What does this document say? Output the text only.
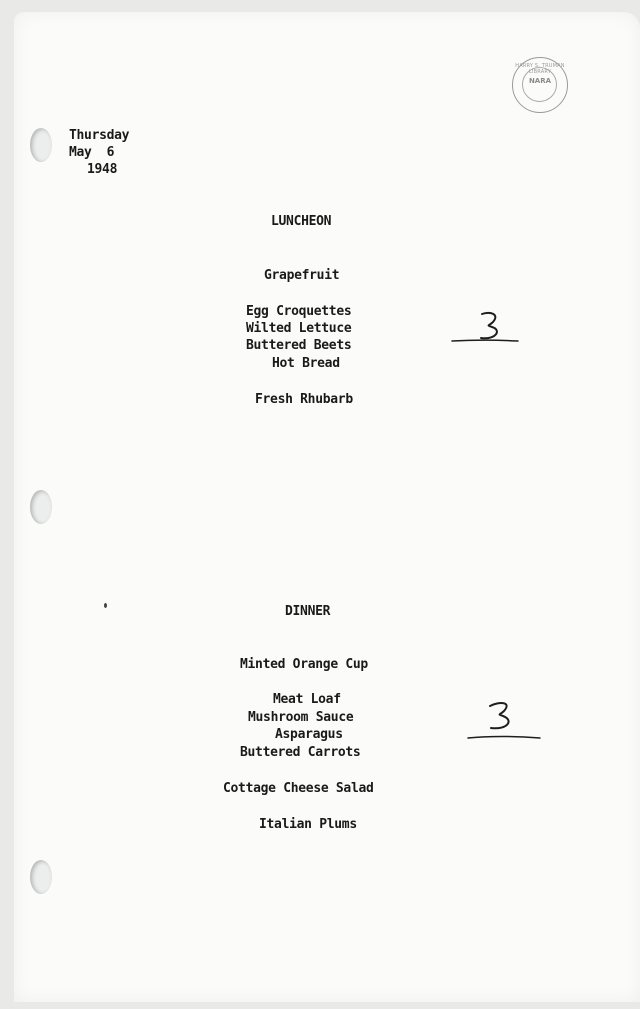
HARRY S. TRUMAN LIBRARY
NARA
Thursday
May  6
1948
LUNCHEON
Grapefruit
Egg Croquettes
Wilted Lettuce
Buttered Beets
Hot Bread
Fresh Rhubarb
DINNER
Minted Orange Cup
Meat Loaf
Mushroom Sauce
Asparagus
Buttered Carrots
Cottage Cheese Salad
Italian Plums
